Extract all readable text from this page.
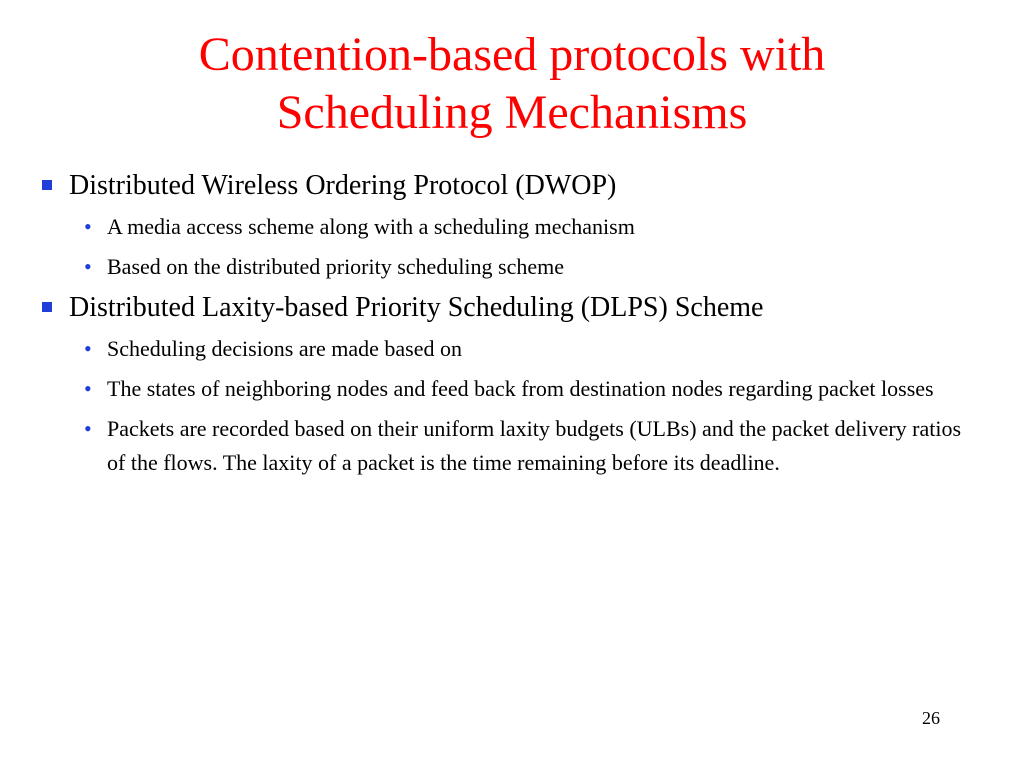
Contention-based protocols with
Scheduling Mechanisms
Distributed Wireless Ordering Protocol (DWOP)
• A media access scheme along with a scheduling mechanism
• Based on the distributed priority scheduling scheme
Distributed Laxity-based Priority Scheduling (DLPS) Scheme
• Scheduling decisions are made based on
• The states of neighboring nodes and feed back from destination nodes regarding packet losses
• Packets are recorded based on their uniform laxity budgets (ULBs) and the packet delivery ratios of the flows. The laxity of a packet is the time remaining before its deadline.
26
